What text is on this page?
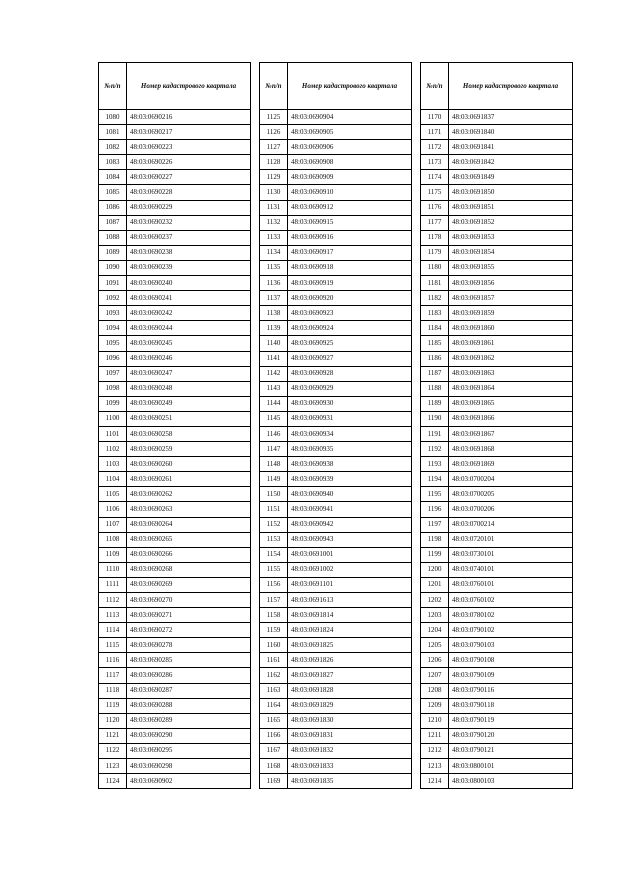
№п/п	Номер кадастрового квартала
1080	48:03:0690216
1081	48:03:0690217
1082	48:03:0690223
1083	48:03:0690226
1084	48:03:0690227
1085	48:03:0690228
1086	48:03:0690229
1087	48:03:0690232
1088	48:03:0690237
1089	48:03:0690238
1090	48:03:0690239
1091	48:03:0690240
1092	48:03:0690241
1093	48:03:0690242
1094	48:03:0690244
1095	48:03:0690245
1096	48:03:0690246
1097	48:03:0690247
1098	48:03:0690248
1099	48:03:0690249
1100	48:03:0690251
1101	48:03:0690258
1102	48:03:0690259
1103	48:03:0690260
1104	48:03:0690261
1105	48:03:0690262
1106	48:03:0690263
1107	48:03:0690264
1108	48:03:0690265
1109	48:03:0690266
1110	48:03:0690268
1111	48:03:0690269
1112	48:03:0690270
1113	48:03:0690271
1114	48:03:0690272
1115	48:03:0690278
1116	48:03:0690285
1117	48:03:0690286
1118	48:03:0690287
1119	48:03:0690288
1120	48:03:0690289
1121	48:03:0690290
1122	48:03:0690295
1123	48:03:0690298
1124	48:03:0690902
№п/п	Номер кадастрового квартала
1125	48:03:0690904
1126	48:03:0690905
1127	48:03:0690906
1128	48:03:0690908
1129	48:03:0690909
1130	48:03:0690910
1131	48:03:0690912
1132	48:03:0690915
1133	48:03:0690916
1134	48:03:0690917
1135	48:03:0690918
1136	48:03:0690919
1137	48:03:0690920
1138	48:03:0690923
1139	48:03:0690924
1140	48:03:0690925
1141	48:03:0690927
1142	48:03:0690928
1143	48:03:0690929
1144	48:03:0690930
1145	48:03:0690931
1146	48:03:0690934
1147	48:03:0690935
1148	48:03:0690938
1149	48:03:0690939
1150	48:03:0690940
1151	48:03:0690941
1152	48:03:0690942
1153	48:03:0690943
1154	48:03:0691001
1155	48:03:0691002
1156	48:03:0691101
1157	48:03:0691613
1158	48:03:0691814
1159	48:03:0691824
1160	48:03:0691825
1161	48:03:0691826
1162	48:03:0691827
1163	48:03:0691828
1164	48:03:0691829
1165	48:03:0691830
1166	48:03:0691831
1167	48:03:0691832
1168	48:03:0691833
1169	48:03:0691835
№п/п	Номер кадастрового квартала
1170	48:03:0691837
1171	48:03:0691840
1172	48:03:0691841
1173	48:03:0691842
1174	48:03:0691849
1175	48:03:0691850
1176	48:03:0691851
1177	48:03:0691852
1178	48:03:0691853
1179	48:03:0691854
1180	48:03:0691855
1181	48:03:0691856
1182	48:03:0691857
1183	48:03:0691859
1184	48:03:0691860
1185	48:03:0691861
1186	48:03:0691862
1187	48:03:0691863
1188	48:03:0691864
1189	48:03:0691865
1190	48:03:0691866
1191	48:03:0691867
1192	48:03:0691868
1193	48:03:0691869
1194	48:03:0700204
1195	48:03:0700205
1196	48:03:0700206
1197	48:03:0700214
1198	48:03:0720101
1199	48:03:0730101
1200	48:03:0740101
1201	48:03:0760101
1202	48:03:0760102
1203	48:03:0780102
1204	48:03:0790102
1205	48:03:0790103
1206	48:03:0790108
1207	48:03:0790109
1208	48:03:0790116
1209	48:03:0790118
1210	48:03:0790119
1211	48:03:0790120
1212	48:03:0790121
1213	48:03:0800101
1214	48:03:0800103
